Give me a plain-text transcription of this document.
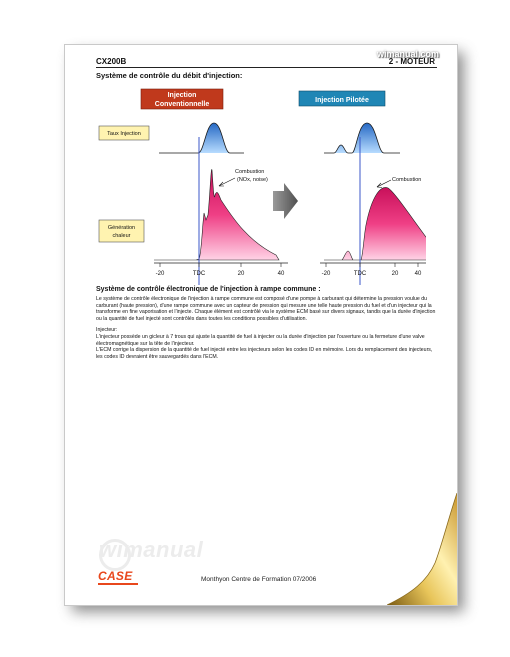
CX200B	2 - MOTEUR
wimanual.com
Système de contrôle du débit d'injection:
Injection
Conventionnelle
Injection Pilotée
Taux Injection
Génération
chaleur
-20	TDC	20	40
Combustion
(NOx, noise)
-20	TDC	20	40
Combustion
Système de contrôle électronique de l'injection à rampe commune :

Le système de contrôle électronique de l'injection à rampe commune est composé d'une pompe à carburant qui détermine la pression voulue du carburant (haute pression), d'une rampe commune avec un capteur de pression qui mesure une telle haute pression du fuel et d'un injecteur qui la transforme en fine vaporisation et l'injecte. Chaque élément est contrôlé via le système ECM basé sur divers signaux, tandis que la durée d'injection ou la quantité de fuel injecté sont contrôlés dans toutes les conditions possibles d'utilisation.

Injecteur:
L'injecteur possède un gicleur à 7 trous qui ajuste la quantité de fuel à injecter ou la durée d'injection par l'ouverture ou la fermeture d'une valve électromagnétique sur la tête de l'injecteur.
L'ECM corrige la dispersion de la quantité de fuel injecté entre les injecteurs selon les codes ID en mémoire. Lors du remplacement des injecteurs, les codes ID devraient être sauvegardés dans l'ECM.
wimanual
CASE	Monthyon Centre de Formation 07/2006
